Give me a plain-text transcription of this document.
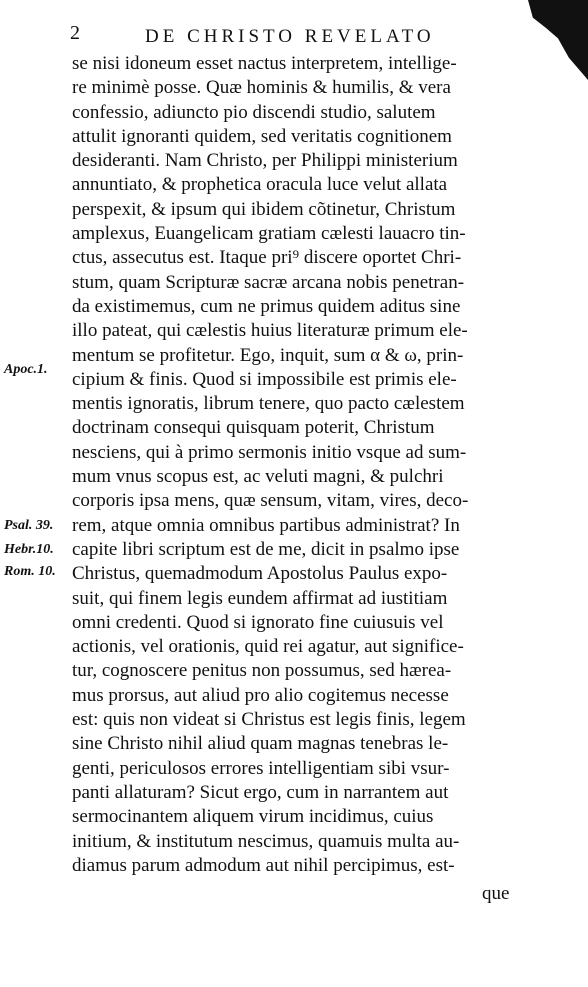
2	DE CHRISTO REVELATO
Apoc.1.
Psal. 39.
Hebr.10.
Rom. 10.
se nisi idoneum esset nactus interpretem, intellige-
re minimè posse. Quæ hominis & humilis, & vera
confessio, adiuncto pio discendi studio, salutem
attulit ignoranti quidem, sed veritatis cognitionem
desideranti. Nam Christo, per Philippi ministerium
annuntiato, & prophetica oracula luce velut allata
perspexit, & ipsum qui ibidem cõtinetur, Christum
amplexus, Euangelicam gratiam cælesti lauacro tin-
ctus, assecutus est. Itaque pri⁹ discere oportet Chri-
stum, quam Scripturæ sacræ arcana nobis penetran-
da existimemus, cum ne primus quidem aditus sine
illo pateat, qui cælestis huius literaturæ primum ele-
mentum se profitetur. Ego, inquit, sum α & ω, prin-
cipium & finis. Quod si impossibile est primis ele-
mentis ignoratis, librum tenere, quo pacto cælestem
doctrinam consequi quisquam poterit, Christum
nesciens, qui à primo sermonis initio vsque ad sum-
mum vnus scopus est, ac veluti magni, & pulchri
corporis ipsa mens, quæ sensum, vitam, vires, deco-
rem, atque omnia omnibus partibus administrat? In
capite libri scriptum est de me, dicit in psalmo ipse
Christus, quemadmodum Apostolus Paulus expo-
suit, qui finem legis eundem affirmat ad iustitiam
omni credenti. Quod si ignorato fine cuiusuis vel
actionis, vel orationis, quid rei agatur, aut significe-
tur, cognoscere penitus non possumus, sed hærea-
mus prorsus, aut aliud pro alio cogitemus necesse
est: quis non videat si Christus est legis finis, legem
sine Christo nihil aliud quam magnas tenebras le-
genti, periculosos errores intelligentiam sibi vsur-
panti allaturam? Sicut ergo, cum in narrantem aut
sermocinantem aliquem virum incidimus, cuius
initium, & institutum nescimus, quamuis multa au-
diamus parum admodum aut nihil percipimus, est-
que
